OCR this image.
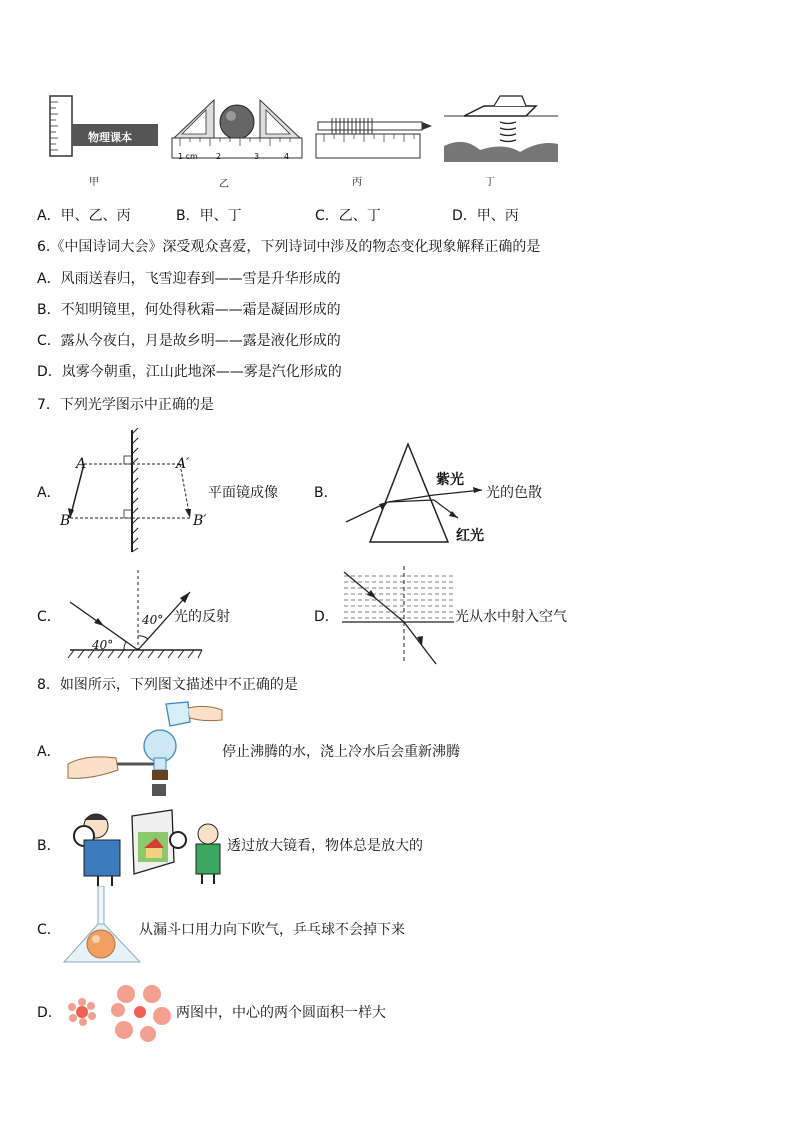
物理课本
1 cm 2	3	4
甲	乙	丙	丁
A．甲、乙、丙	B．甲、丁	C．乙、丁	D．甲、丙
6.《中国诗词大会》深受观众喜爱，下列诗词中涉及的物态变化现象解释正确的是
A．风雨送春归，飞雪迎春到——雪是升华形成的
B．不知明镜里，何处得秋霜——霜是凝固形成的
C．露从今夜白，月是故乡明——露是液化形成的
D．岚雾今朝重，江山此地深——雾是汽化形成的
7．下列光学图示中正确的是
A．
A	A′
B	B′
平面镜成像	B．
紫光
红光
光的色散
C．
40°
40° 光的反射	D．	光从水中射入空气
8．如图所示，下列图文描述中不正确的是
A．	停止沸腾的水，浇上冷水后会重新沸腾
B．	透过放大镜看，物体总是放大的
C．	从漏斗口用力向下吹气，乒乓球不会掉下来
D．	两图中，中心的两个圆面积一样大
